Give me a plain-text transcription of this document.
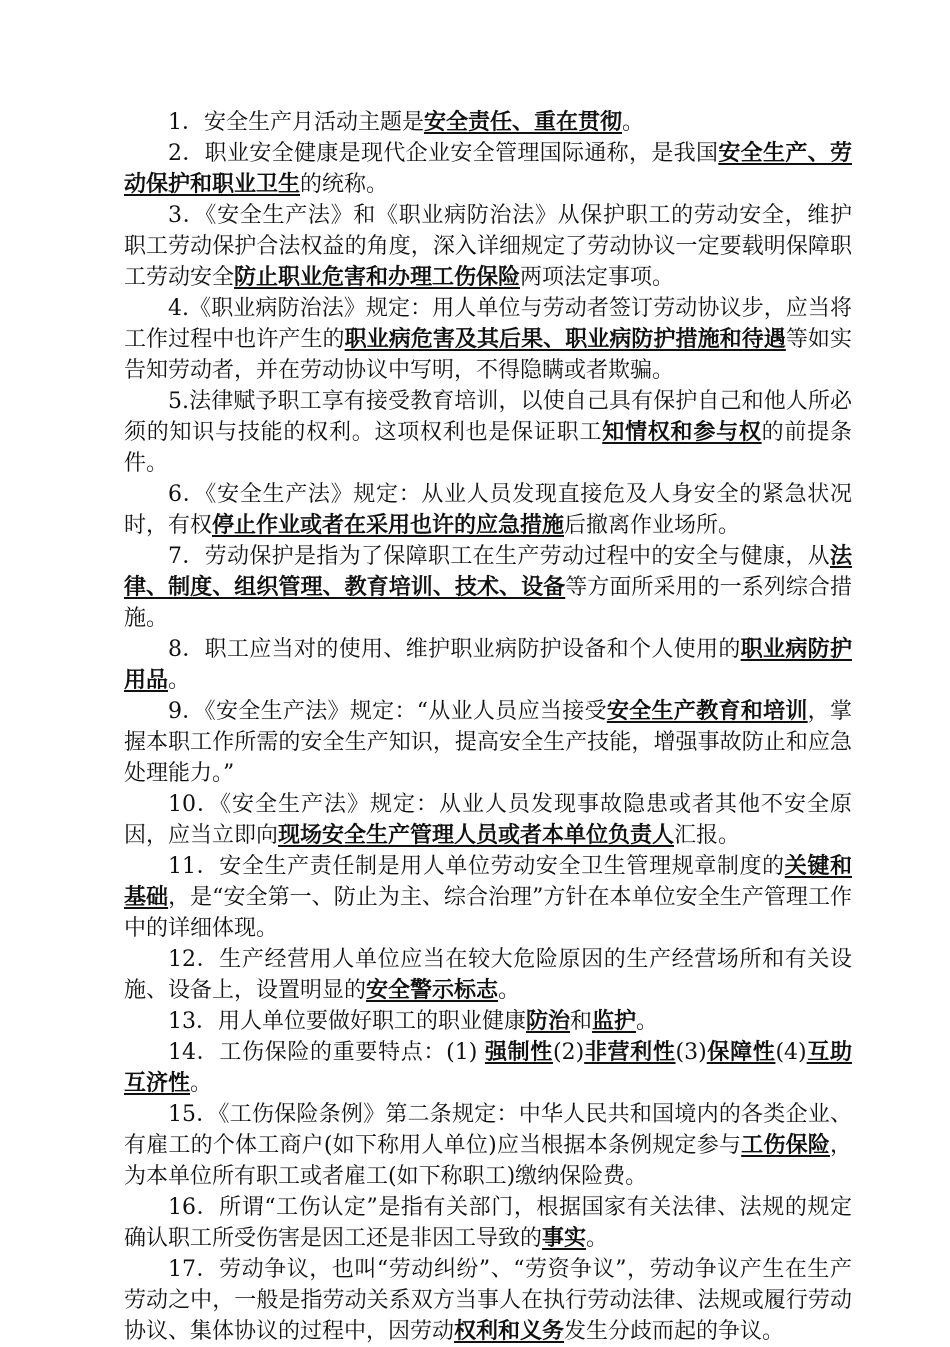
1．安全生产月活动主题是安全责任、重在贯彻。

2．职业安全健康是现代企业安全管理国际通称，是我国安全生产、劳动保护和职业卫生的统称。

3．《安全生产法》和《职业病防治法》从保护职工的劳动安全，维护职工劳动保护合法权益的角度，深入详细规定了劳动协议一定要载明保障职工劳动安全防止职业危害和办理工伤保险两项法定事项。

4.《职业病防治法》规定：用人单位与劳动者签订劳动协议步，应当将工作过程中也许产生的职业病危害及其后果、职业病防护措施和待遇等如实告知劳动者，并在劳动协议中写明，不得隐瞒或者欺骗。

5.法律赋予职工享有接受教育培训，以使自己具有保护自己和他人所必须的知识与技能的权利。这项权利也是保证职工知情权和参与权的前提条件。

6．《安全生产法》规定：从业人员发现直接危及人身安全的紧急状况时，有权停止作业或者在采用也许的应急措施后撤离作业场所。

7．劳动保护是指为了保障职工在生产劳动过程中的安全与健康，从法律、制度、组织管理、教育培训、技术、设备等方面所采用的一系列综合措施。

8．职工应当对的使用、维护职业病防护设备和个人使用的职业病防护用品。

9．《安全生产法》规定：“从业人员应当接受安全生产教育和培训，掌握本职工作所需的安全生产知识，提高安全生产技能，增强事故防止和应急处理能力。”

10．《安全生产法》规定：从业人员发现事故隐患或者其他不安全原因，应当立即向现场安全生产管理人员或者本单位负责人汇报。

11．安全生产责任制是用人单位劳动安全卫生管理规章制度的关键和基础，是“安全第一、防止为主、综合治理”方针在本单位安全生产管理工作中的详细体现。

12．生产经营用人单位应当在较大危险原因的生产经营场所和有关设施、设备上，设置明显的安全警示标志。

13．用人单位要做好职工的职业健康防治和监护。

14．工伤保险的重要特点：(1) 强制性(2)非营利性(3)保障性(4)互助互济性。

15．《工伤保险条例》第二条规定：中华人民共和国境内的各类企业、有雇工的个体工商户(如下称用人单位)应当根据本条例规定参与工伤保险，为本单位所有职工或者雇工(如下称职工)缴纳保险费。

16．所谓“工伤认定”是指有关部门，根据国家有关法律、法规的规定确认职工所受伤害是因工还是非因工导致的事实。

17．劳动争议，也叫“劳动纠纷”、“劳资争议”，劳动争议产生在生产劳动之中，一般是指劳动关系双方当事人在执行劳动法律、法规或履行劳动协议、集体协议的过程中，因劳动权利和义务发生分歧而起的争议。
